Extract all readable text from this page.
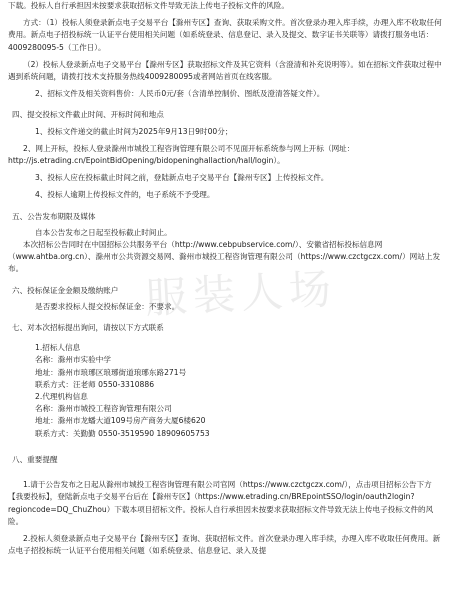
下载。投标人自行承担因未按要求获取招标文件导致无法上传电子投标文件的风险。
方式：（1）投标人须登录新点电子交易平台【滁州专区】查询、获取采购文件。首次登录办理入库手续，办理入库不收取任何费用。新点电子招投标统一认证平台使用相关问题（如系统登录、信息登记、录入及提交、数字证书关联等）请拨打服务电话：4009280095-5（工作日）。
（2）投标人登录新点电子交易平台【滁州专区】获取招标文件及其它资料（含澄清和补充说明等）。如在招标文件获取过程中遇到系统问题，请拨打技术支持服务热线4009280095或者网站首页在线客服。
2、招标文件及相关资料售价：人民币0元/套（含清单控制价、图纸及澄清答疑文件）。
四、提交投标文件截止时间、开标时间和地点
1、投标文件递交的截止时间为2025年9月13日9时00分；
2、网上开标，投标人登录滁州市城投工程咨询管理有限公司不见面开标系统参与网上开标（网址：http://js.etrading.cn/EpointBidOpening/bidopeninghallaction/hall/login）。
3、投标人应在投标截止时间之前，登陆新点电子交易平台【滁州专区】上传投标文件。
4、投标人逾期上传投标文件的，电子系统不予受理。
五、公告发布期限及媒体
自本公告发布之日起至投标截止时间止。
本次招标公告同时在中国招标公共服务平台（http://www.cebpubservice.com/）、安徽省招标投标信息网（www.ahtba.org.cn）、滁州市公共资源交易网、滁州市城投工程咨询管理有限公司（https://www.czctgczx.com/）网站上发布。
六、投标保证金金额及缴纳账户
是否要求投标人提交投标保证金：不要求。
七、对本次招标提出询问，请按以下方式联系
1.招标人信息
名称：滁州市实验中学
地址：滁州市琅琊区琅琊街道琅琊东路271号
联系方式：汪老师 0550-3310886
2.代理机构信息
名称：滁州市城投工程咨询管理有限公司
地址：滁州市龙蟠大道109号房产商务大厦6楼620
联系方式：关勤勤 0550-3519590 18909605753
八、重要提醒
1.请于公告发布之日起从滁州市城投工程咨询管理有限公司官网（https://www.czctgczx.com/），点击项目招标公告下方【我要投标】，登陆新点电子交易平台后在【滁州专区】（https://www.etrading.cn/BREpointSSO/login/oauth2login?regioncode=DQ_ChuZhou）下载本项目招标文件。投标人自行承担因未按要求获取招标文件导致无法上传电子投标文件的风险。
2.投标人须登录新点电子交易平台【滁州专区】查询、获取招标文件。首次登录办理入库手续，办理入库不收取任何费用。新点电子招投标统一认证平台使用相关问题（如系统登录、信息登记、录入及提
服装人场
